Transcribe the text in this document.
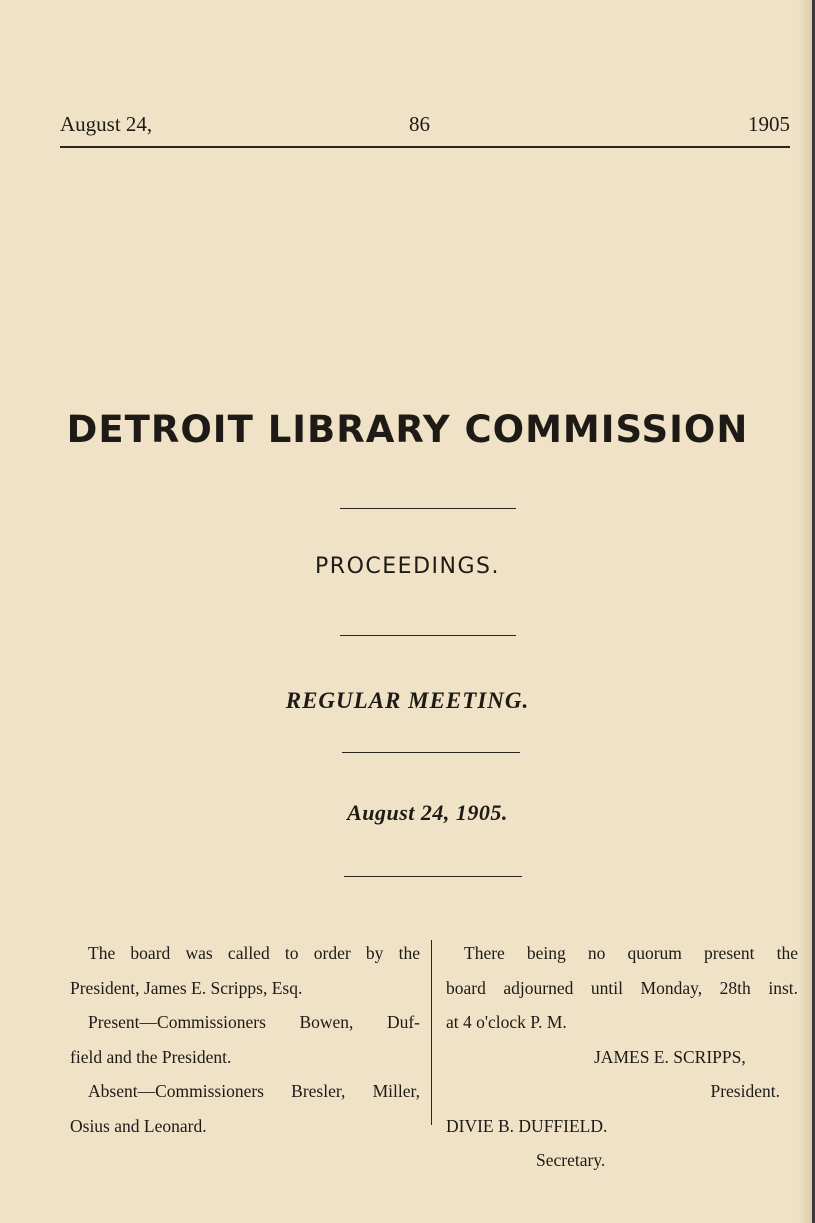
August 24,	86	1905
DETROIT LIBRARY COMMISSION
PROCEEDINGS.
REGULAR MEETING.
August 24, 1905.
The board was called to order by the
President, James E. Scripps, Esq.
Present—Commissioners Bowen, Duf-
field and the President.
Absent—Commissioners Bresler, Miller,
Osius and Leonard.
There being no quorum present the
board adjourned until Monday, 28th inst.
at 4 o'clock P. M.
JAMES E. SCRIPPS,
President.
DIVIE B. DUFFIELD.
Secretary.
